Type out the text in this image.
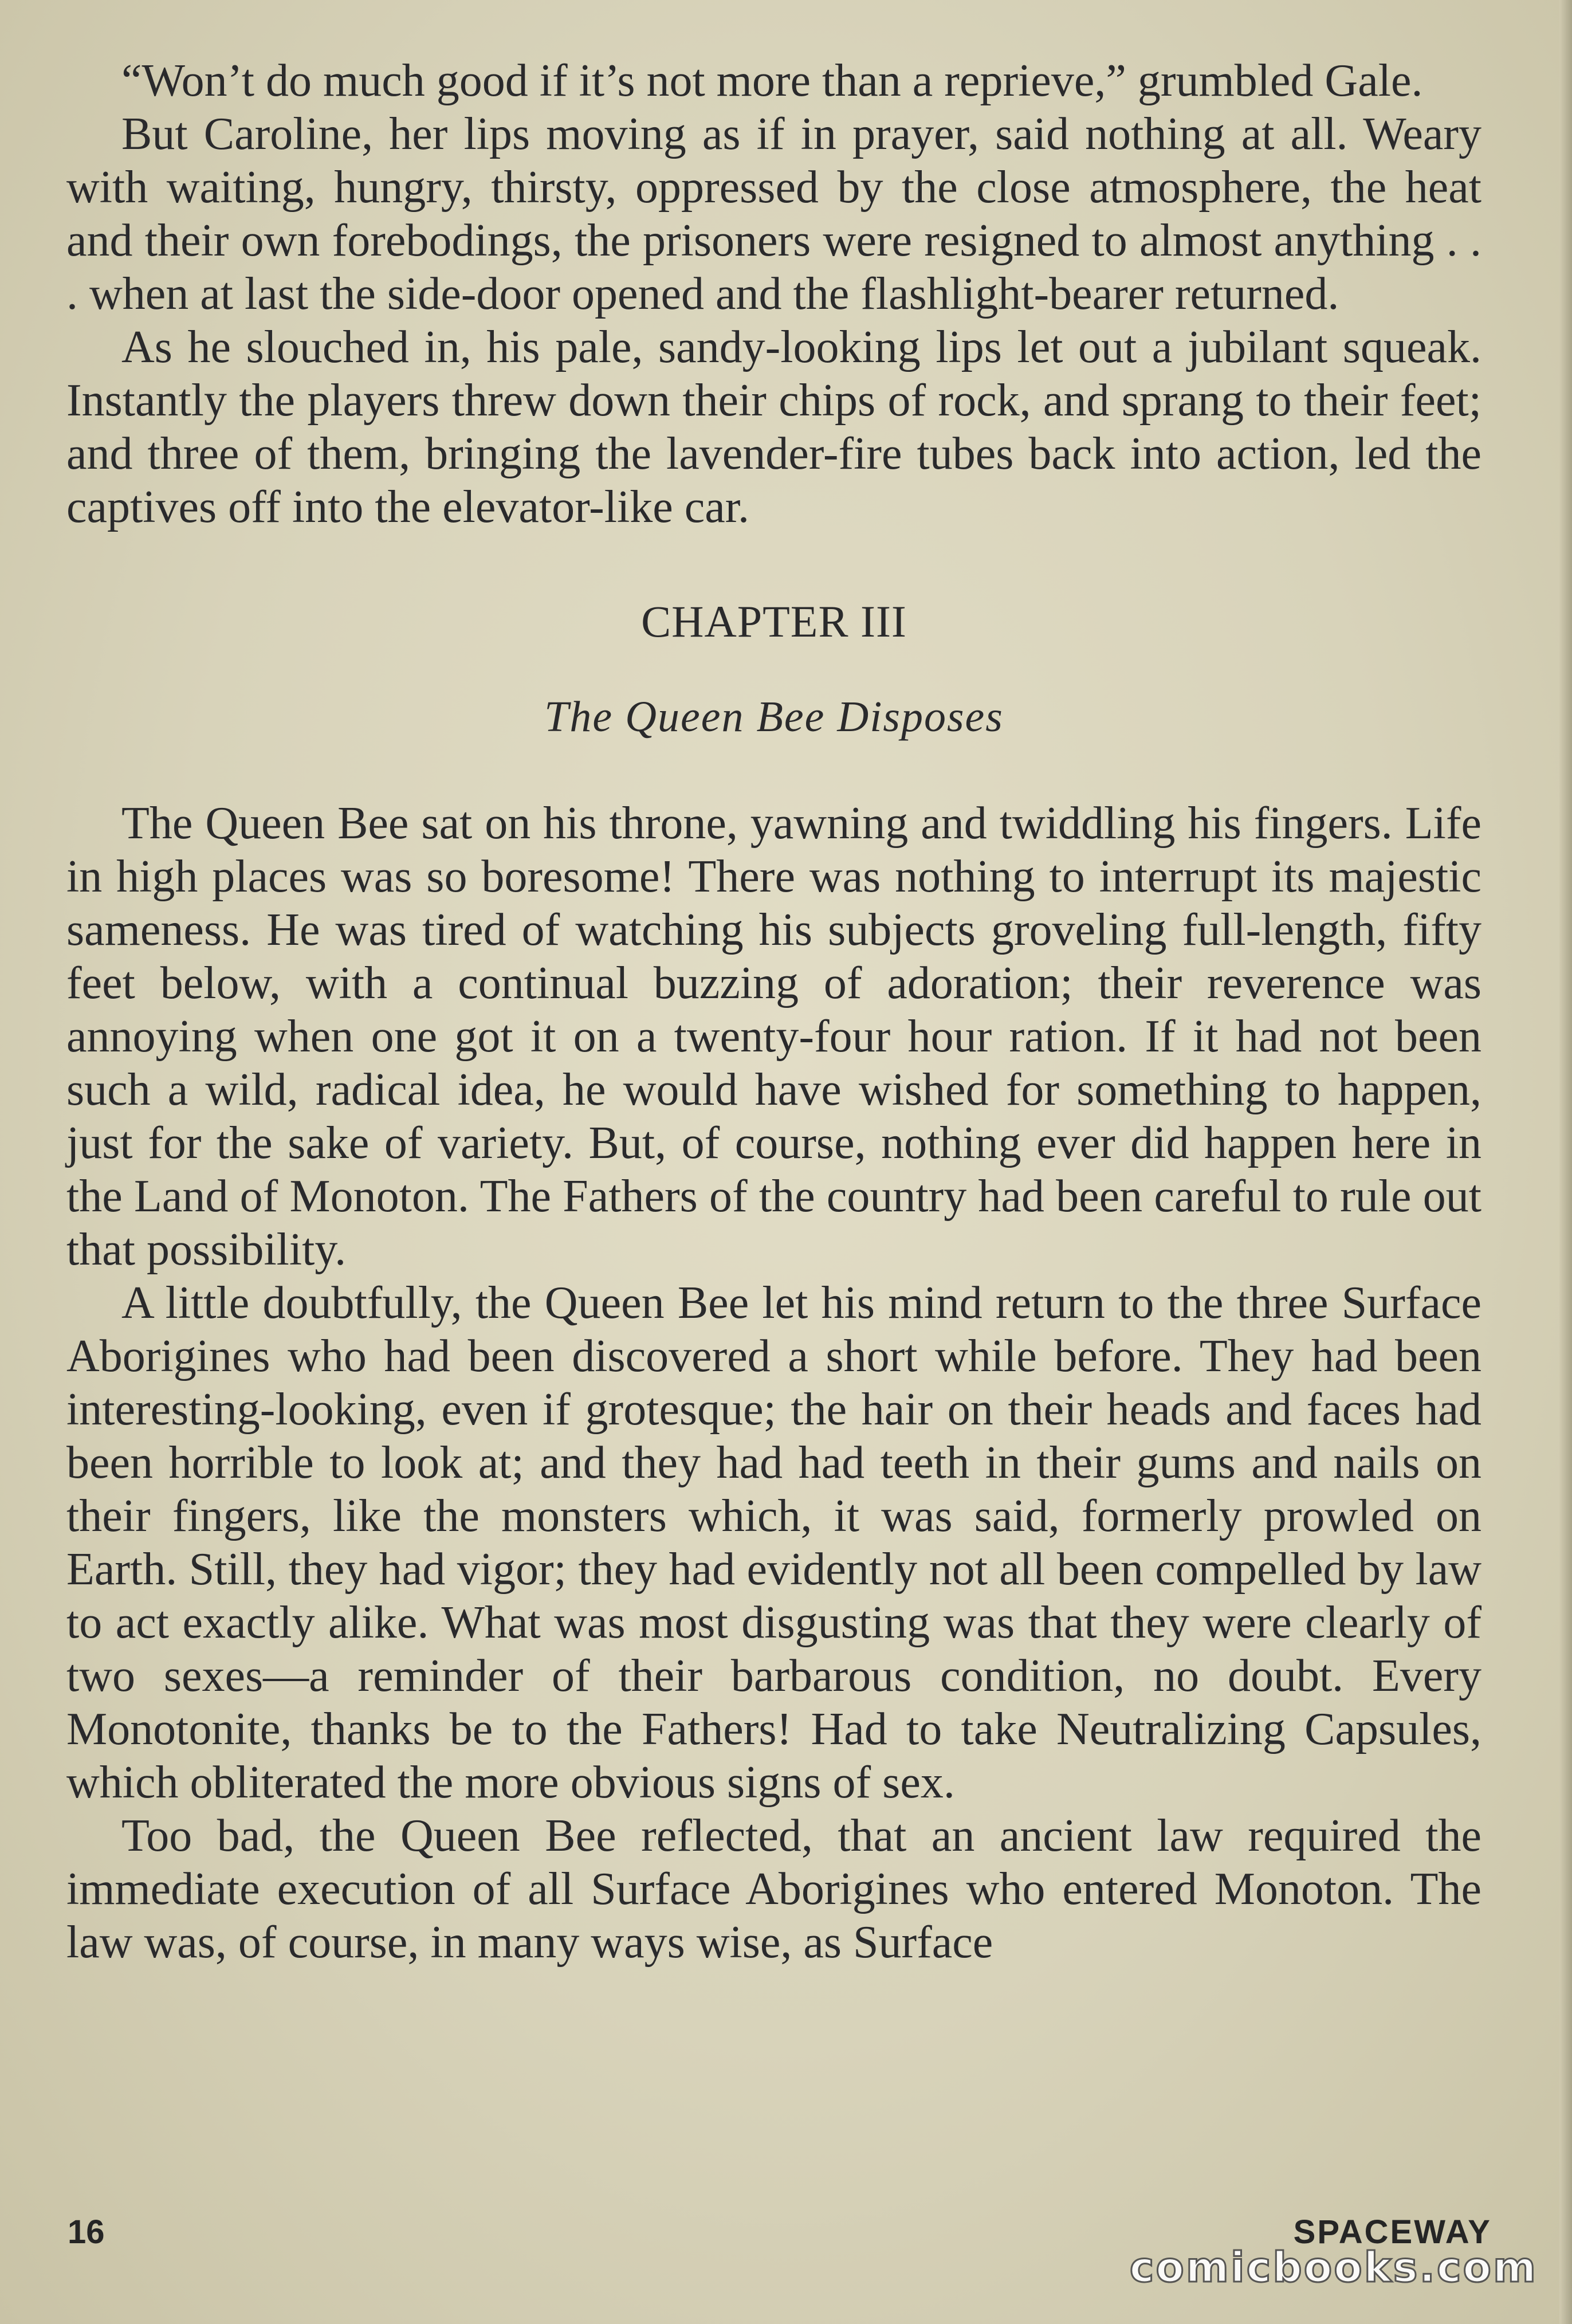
“Won’t do much good if it’s not more than a reprieve,” grumbled Gale.

But Caroline, her lips moving as if in prayer, said nothing at all. Weary with waiting, hungry, thirsty, oppressed by the close atmosphere, the heat and their own forebodings, the prisoners were resigned to almost anything . . . when at last the side-door opened and the flashlight-bearer returned.

As he slouched in, his pale, sandy-looking lips let out a jubilant squeak. Instantly the players threw down their chips of rock, and sprang to their feet; and three of them, bringing the lavender-fire tubes back into action, led the captives off into the elevator-like car.

CHAPTER III
The Queen Bee Disposes

The Queen Bee sat on his throne, yawning and twiddling his fingers. Life in high places was so boresome! There was nothing to interrupt its majestic sameness. He was tired of watching his subjects groveling full-length, fifty feet below, with a continual buzzing of adoration; their reverence was annoying when one got it on a twenty-four hour ration. If it had not been such a wild, radical idea, he would have wished for something to happen, just for the sake of variety. But, of course, nothing ever did happen here in the Land of Monoton. The Fathers of the country had been careful to rule out that possibility.

A little doubtfully, the Queen Bee let his mind return to the three Surface Aborigines who had been discovered a short while before. They had been interesting-looking, even if grotesque; the hair on their heads and faces had been horrible to look at; and they had had teeth in their gums and nails on their fingers, like the monsters which, it was said, formerly prowled on Earth. Still, they had vigor; they had evidently not all been compelled by law to act exactly alike. What was most disgusting was that they were clearly of two sexes—a reminder of their barbarous condition, no doubt. Every Monotonite, thanks be to the Fathers! Had to take Neutralizing Capsules, which obliterated the more obvious signs of sex.

Too bad, the Queen Bee reflected, that an ancient law required the immediate execution of all Surface Aborigines who entered Monoton. The law was, of course, in many ways wise, as Surface

16	SPACEWAY
comicbooks.com
